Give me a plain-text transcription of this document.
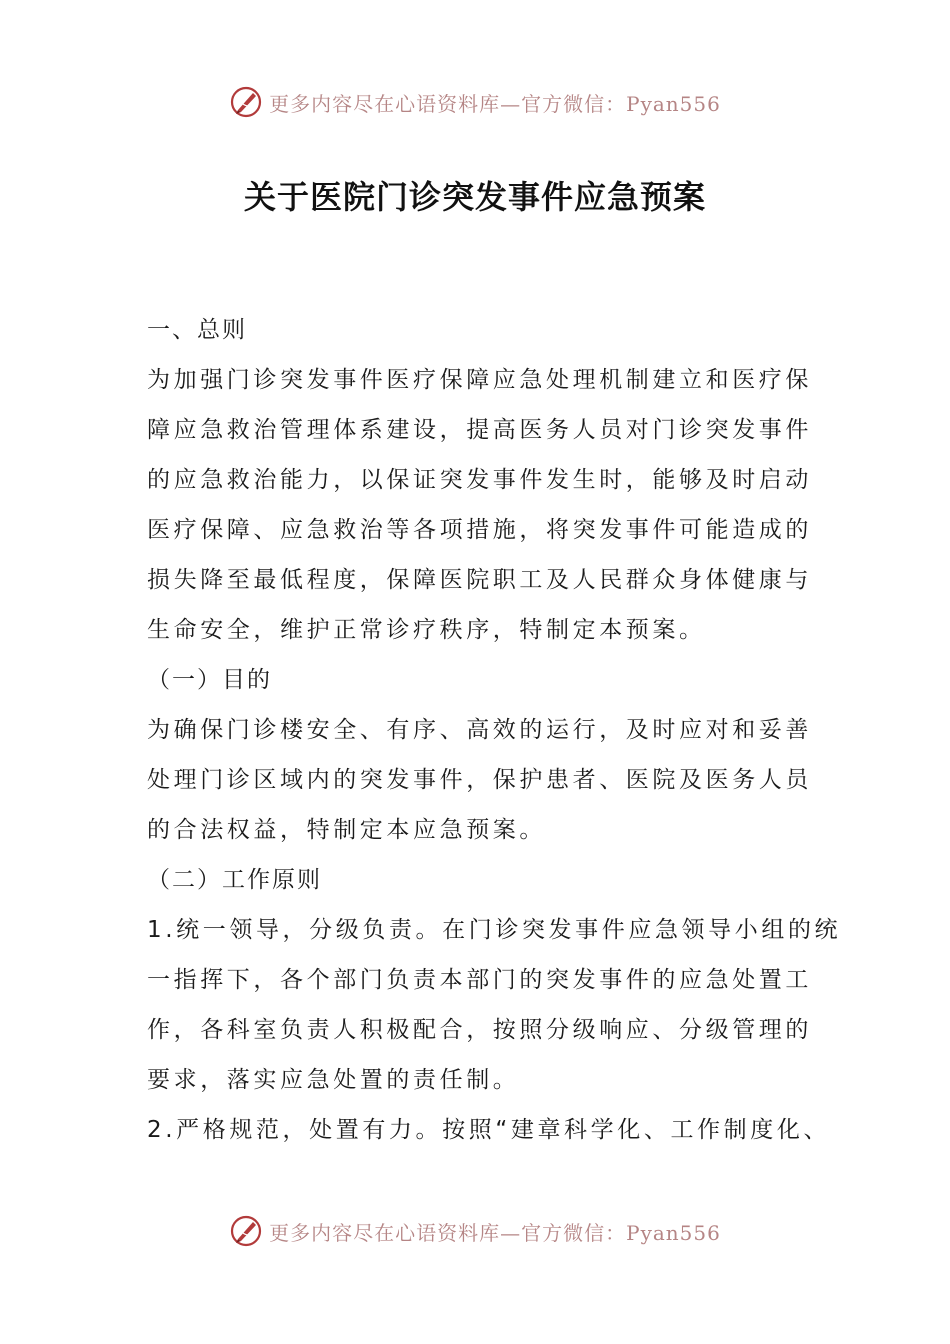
更多内容尽在心语资料库—官方微信：Pyan556
关于医院门诊突发事件应急预案
一、总则
为加强门诊突发事件医疗保障应急处理机制建立和医疗保
障应急救治管理体系建设，提高医务人员对门诊突发事件
的应急救治能力，以保证突发事件发生时，能够及时启动
医疗保障、应急救治等各项措施，将突发事件可能造成的
损失降至最低程度，保障医院职工及人民群众身体健康与
生命安全，维护正常诊疗秩序，特制定本预案。
（一）目的
为确保门诊楼安全、有序、高效的运行，及时应对和妥善
处理门诊区域内的突发事件，保护患者、医院及医务人员
的合法权益，特制定本应急预案。
（二）工作原则
1.统一领导，分级负责。在门诊突发事件应急领导小组的统
一指挥下，各个部门负责本部门的突发事件的应急处置工
作，各科室负责人积极配合，按照分级响应、分级管理的
要求，落实应急处置的责任制。
2.严格规范，处置有力。按照“建章科学化、工作制度化、
更多内容尽在心语资料库—官方微信：Pyan556
